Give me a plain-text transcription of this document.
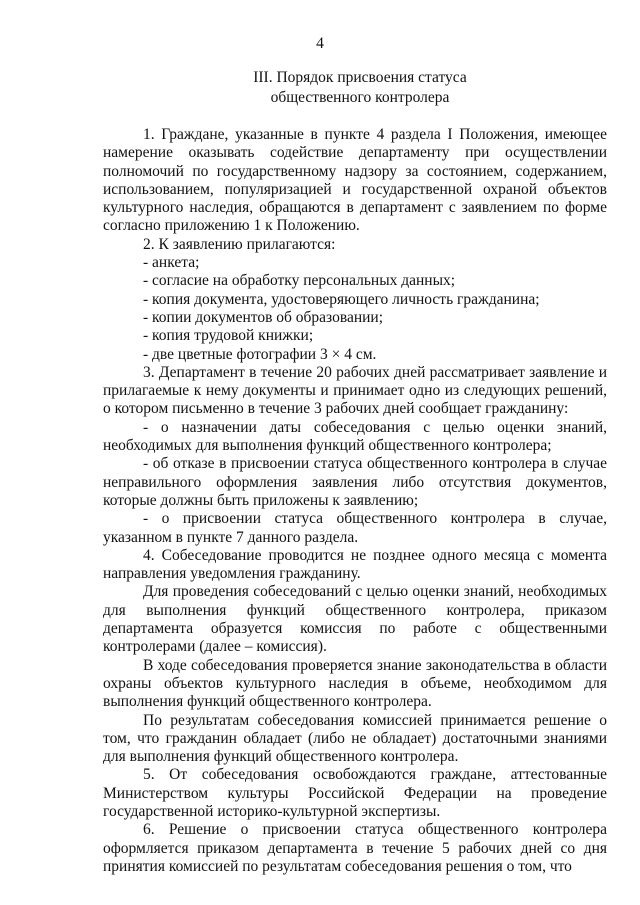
4
III. Порядок присвоения статуса
общественного контролера

1. Граждане, указанные в пункте 4 раздела I Положения, имеющее намерение оказывать содействие департаменту при осуществлении полномочий по государственному надзору за состоянием, содержанием, использованием, популяризацией и государственной охраной объектов культурного наследия, обращаются в департамент с заявлением по форме согласно приложению 1 к Положению.

2. К заявлению прилагаются:

- анкета;

- согласие на обработку персональных данных;

- копия документа, удостоверяющего личность гражданина;

- копии документов об образовании;

- копия трудовой книжки;

- две цветные фотографии 3 × 4 см.

3. Департамент в течение 20 рабочих дней рассматривает заявление и прилагаемые к нему документы и принимает одно из следующих решений, о котором письменно в течение 3 рабочих дней сообщает гражданину:

- о назначении даты собеседования с целью оценки знаний, необходимых для выполнения функций общественного контролера;

- об отказе в присвоении статуса общественного контролера в случае неправильного оформления заявления либо отсутствия документов, которые должны быть приложены к заявлению;

- о присвоении статуса общественного контролера в случае, указанном в пункте 7 данного раздела.

4. Собеседование проводится не позднее одного месяца с момента направления уведомления гражданину.

Для проведения собеседований с целью оценки знаний, необходимых для выполнения функций общественного контролера, приказом департамента образуется комиссия по работе с общественными контролерами (далее – комиссия).

В ходе собеседования проверяется знание законодательства в области охраны объектов культурного наследия в объеме, необходимом для выполнения функций общественного контролера.

По результатам собеседования комиссией принимается решение о том, что гражданин обладает (либо не обладает) достаточными знаниями для выполнения функций общественного контролера.

5. От собеседования освобождаются граждане, аттестованные Министерством культуры Российской Федерации на проведение государственной историко-культурной экспертизы.

6. Решение о присвоении статуса общественного контролера оформляется приказом департамента в течение 5 рабочих дней со дня принятия комиссией по результатам собеседования решения о том, что
